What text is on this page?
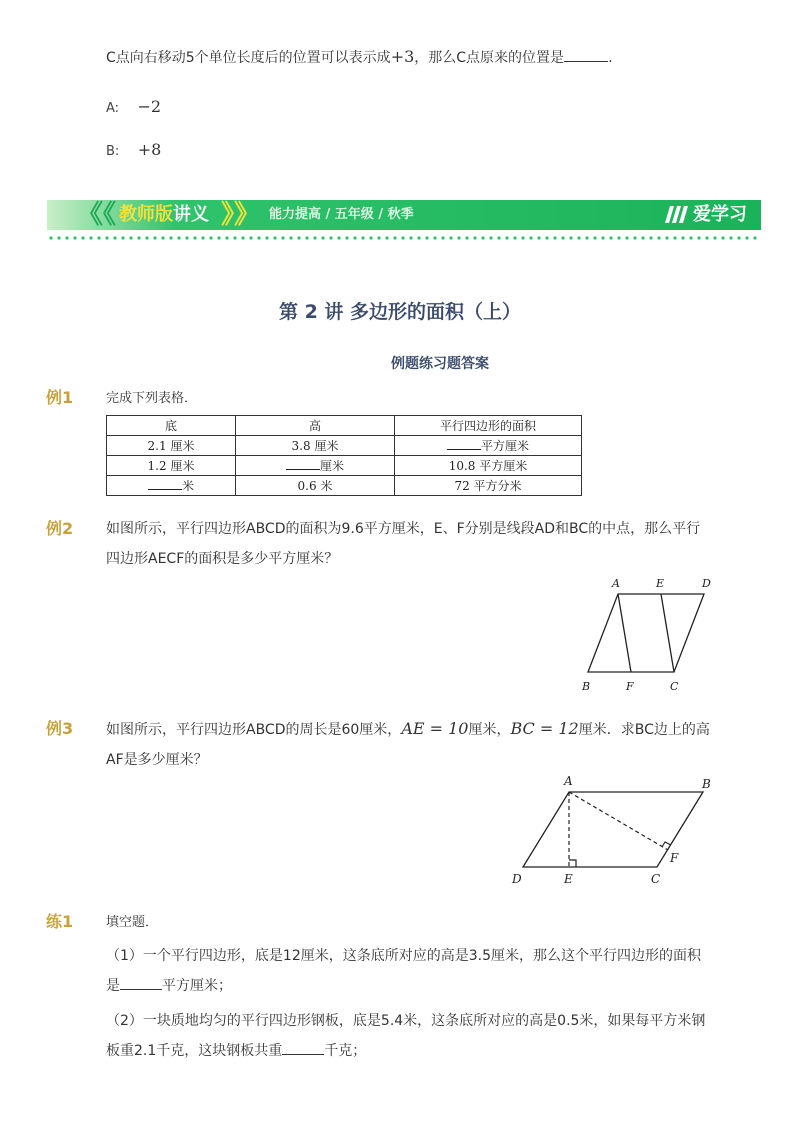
C点向右移动5个单位长度后的位置可以表示成+3，那么C点原来的位置是	.
A: −2
B: +8
《《 教师版讲义 》》 能力提高 / 五年级 / 秋季	爱学习
第 2 讲 多边形的面积（上）
例题练习题答案
例1	完成下列表格．
底	高	平行四边形的面积
2.1 厘米	3.8 厘米	平方厘米
1.2 厘米	厘米	10.8 平方厘米
米	0.6 米	72 平方分米
例2 如图所示，平行四边形ABCD的面积为9.6平方厘米，E、F分别是线段AD和BC的中点，那么平行
四边形AECF的面积是多少平方厘米？
A	E	D
B	F	C
例3 如图所示，平行四边形ABCD的周长是60厘米，AE = 10厘米，BC = 12厘米．求BC边上的高
AF是多少厘米？
A	B
F
D	E	C
练1	填空题．
（1）一个平行四边形，底是12厘米，这条底所对应的高是3.5厘米，那么这个平行四边形的面积
是	平方厘米；
（2）一块质地均匀的平行四边形钢板，底是5.4米，这条底所对应的高是0.5米，如果每平方米钢
板重2.1千克，这块钢板共重	千克；
